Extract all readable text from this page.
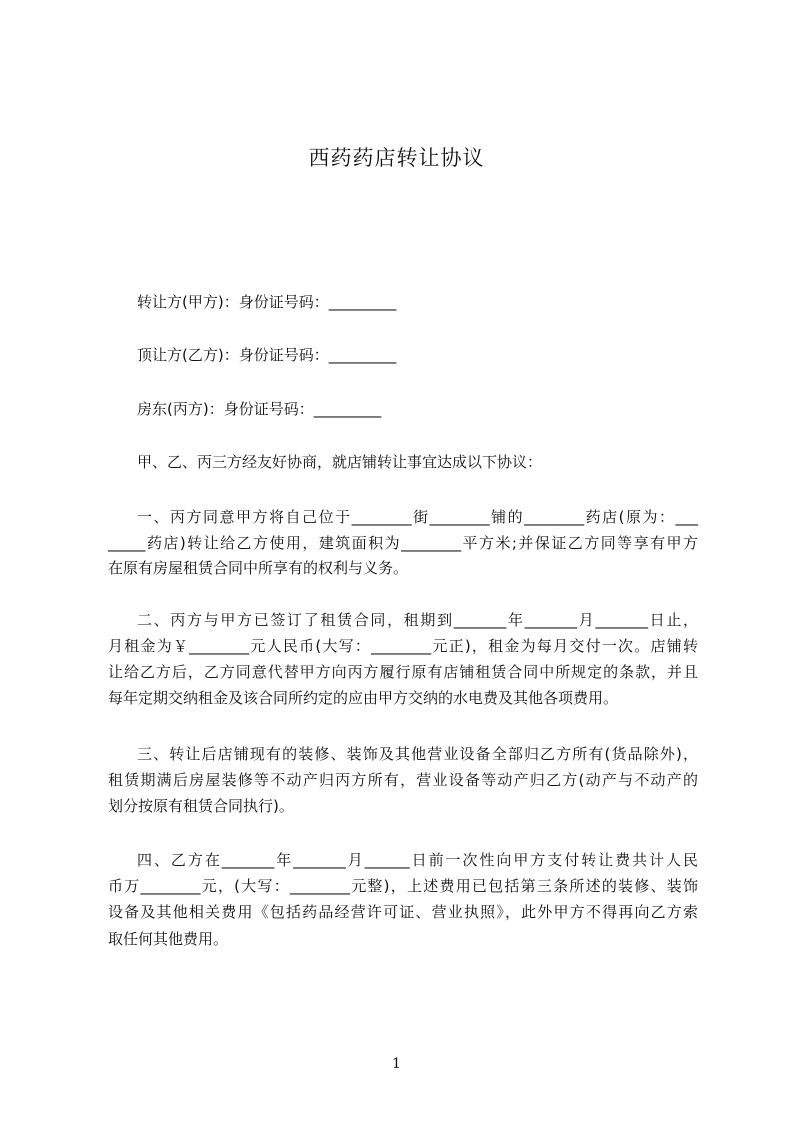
西药药店转让协议
转让方(甲方)：身份证号码：_________
顶让方(乙方)：身份证号码：_________
房东(丙方)：身份证号码：_________
甲、乙、丙三方经友好协商，就店铺转让事宜达成以下协议：
一、丙方同意甲方将自己位于________街________铺的________药店(原为：___
_____药店)转让给乙方使用，建筑面积为________平方米;并保证乙方同等享有甲方
在原有房屋租赁合同中所享有的权利与义务。
二、丙方与甲方已签订了租赁合同，租期到_______年_______月_______日止，
月租金为￥________元人民币(大写：________元正)，租金为每月交付一次。店铺转
让给乙方后，乙方同意代替甲方向丙方履行原有店铺租赁合同中所规定的条款，并且
每年定期交纳租金及该合同所约定的应由甲方交纳的水电费及其他各项费用。
三、转让后店铺现有的装修、装饰及其他营业设备全部归乙方所有(货品除外)，
租赁期满后房屋装修等不动产归丙方所有，营业设备等动产归乙方(动产与不动产的
划分按原有租赁合同执行)。
四、乙方在_______年_______月______日前一次性向甲方支付转让费共计人民
币万________元，(大写：________元整)，上述费用已包括第三条所述的装修、装饰
设备及其他相关费用《包括药品经营许可证、营业执照》，此外甲方不得再向乙方索
取任何其他费用。
1
